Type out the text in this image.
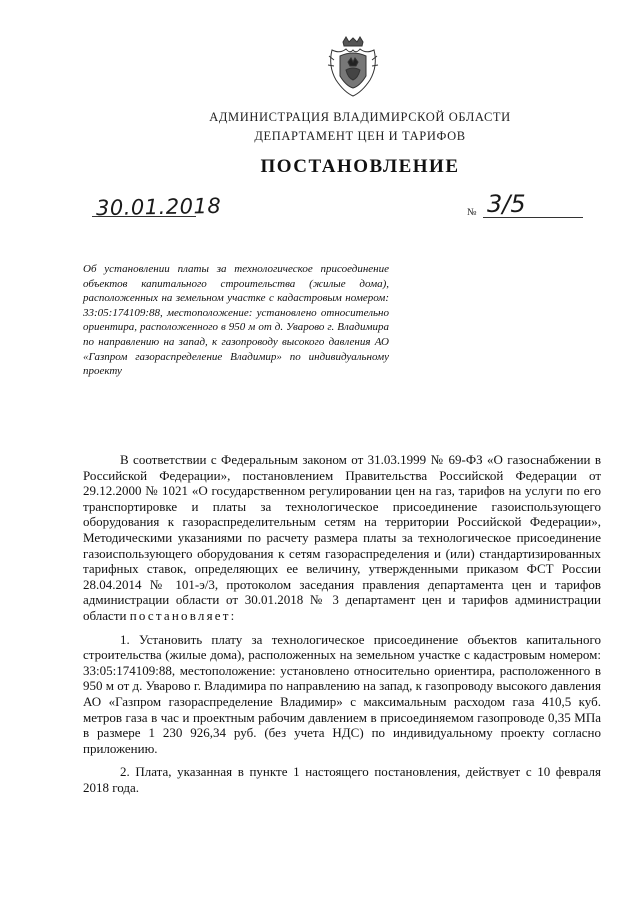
АДМИНИСТРАЦИЯ ВЛАДИМИРСКОЙ ОБЛАСТИ
ДЕПАРТАМЕНТ ЦЕН И ТАРИФОВ
ПОСТАНОВЛЕНИЕ
30.01.2018	№ 3/5
Об установлении платы за технологическое присоединение объектов капитального строительства (жилые дома), расположенных на земельном участке с кадастровым номером: 33:05:174109:88, местоположение: установлено относительно ориентира, расположенного в 950 м от д. Уварово г. Владимира по направлению на запад, к газопроводу высокого давления АО «Газпром газораспределение Владимир» по индивидуальному проекту

В соответствии с Федеральным законом от 31.03.1999 № 69-ФЗ «О газоснабжении в Российской Федерации», постановлением Правительства Российской Федерации от 29.12.2000 № 1021 «О государственном регулировании цен на газ, тарифов на услуги по его транспортировке и платы за технологическое присоединение газоиспользующего оборудования к газораспределительным сетям на территории Российской Федерации», Методическими указаниями по расчету размера платы за технологическое присоединение газоиспользующего оборудования к сетям газораспределения и (или) стандартизированных тарифных ставок, определяющих ее величину, утвержденными приказом ФСТ России 28.04.2014 № 101-э/3, протоколом заседания правления департамента цен и тарифов администрации области от 30.01.2018 № 3 департамент цен и тарифов администрации области постановляет:

1. Установить плату за технологическое присоединение объектов капитального строительства (жилые дома), расположенных на земельном участке с кадастровым номером: 33:05:174109:88, местоположение: установлено относительно ориентира, расположенного в 950 м от д. Уварово г. Владимира по направлению на запад, к газопроводу высокого давления АО «Газпром газораспределение Владимир» с максимальным расходом газа 410,5 куб. метров газа в час и проектным рабочим давлением в присоединяемом газопроводе 0,35 МПа в размере 1 230 926,34 руб. (без учета НДС) по индивидуальному проекту согласно приложению.

2. Плата, указанная в пункте 1 настоящего постановления, действует с 10 февраля 2018 года.
